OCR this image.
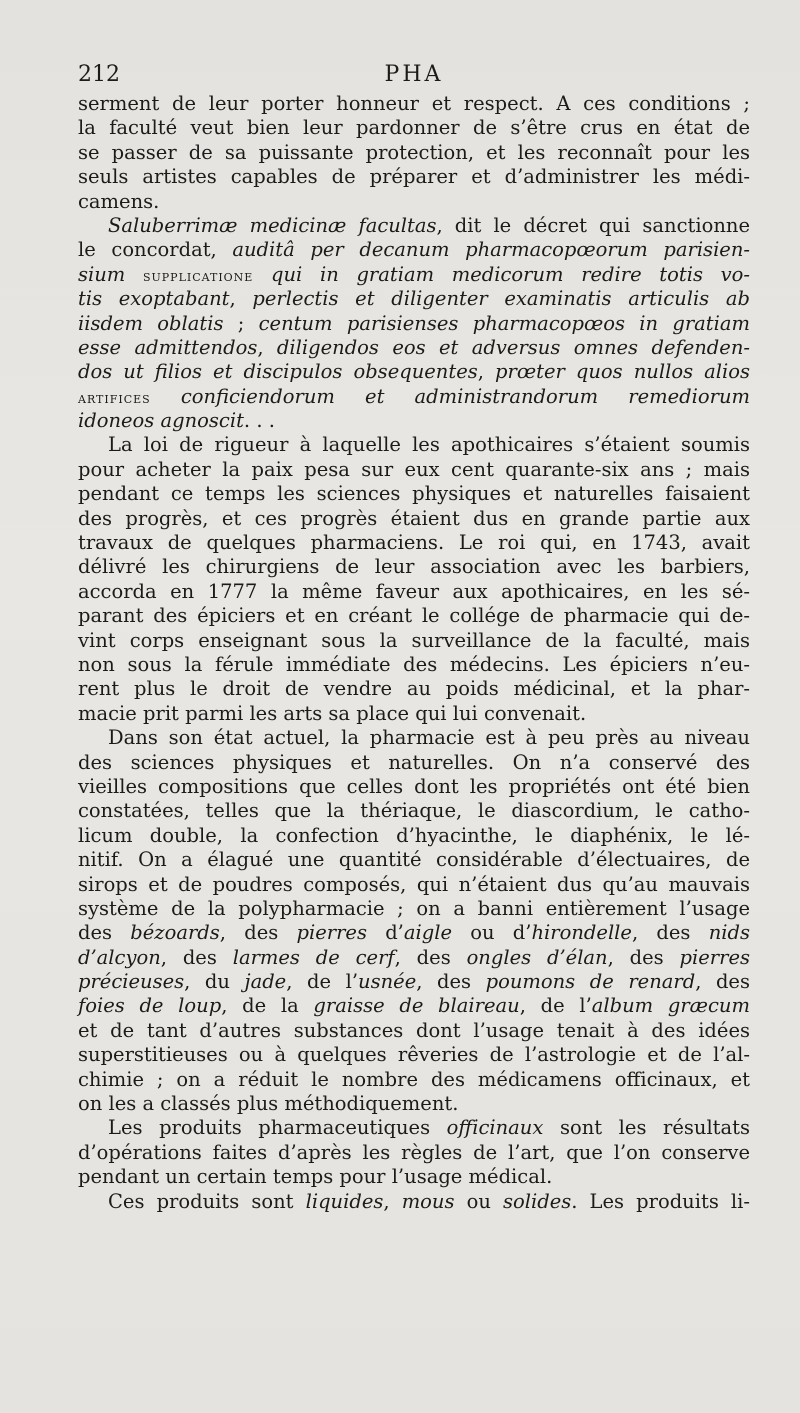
212	PHA
serment de leur porter honneur et respect. A ces conditions ;
la faculté veut bien leur pardonner de s’être crus en état de
se passer de sa puissante protection, et les reconnaît pour les
seuls artistes capables de préparer et d’administrer les médi-
camens.
Saluberrimæ medicinæ facultas, dit le décret qui sanctionne
le concordat, auditâ per decanum pharmacopœorum parisien-
sium supplicatione qui in gratiam medicorum redire totis vo-
tis exoptabant, perlectis et diligenter examinatis articulis ab
iisdem oblatis ; centum parisienses pharmacopœos in gratiam
esse admittendos, diligendos eos et adversus omnes defenden-
dos ut filios et discipulos obsequentes, prœter quos nullos alios
artifices conficiendorum et administrandorum remediorum
idoneos agnoscit. . .
La loi de rigueur à laquelle les apothicaires s’étaient soumis
pour acheter la paix pesa sur eux cent quarante-six ans ; mais
pendant ce temps les sciences physiques et naturelles faisaient
des progrès, et ces progrès étaient dus en grande partie aux
travaux de quelques pharmaciens. Le roi qui, en 1743, avait
délivré les chirurgiens de leur association avec les barbiers,
accorda en 1777 la même faveur aux apothicaires, en les sé-
parant des épiciers et en créant le collége de pharmacie qui de-
vint corps enseignant sous la surveillance de la faculté, mais
non sous la férule immédiate des médecins. Les épiciers n’eu-
rent plus le droit de vendre au poids médicinal, et la phar-
macie prit parmi les arts sa place qui lui convenait.
Dans son état actuel, la pharmacie est à peu près au niveau
des sciences physiques et naturelles. On n’a conservé des
vieilles compositions que celles dont les propriétés ont été bien
constatées, telles que la thériaque, le diascordium, le catho-
licum double, la confection d’hyacinthe, le diaphénix, le lé-
nitif. On a élagué une quantité considérable d’électuaires, de
sirops et de poudres composés, qui n’étaient dus qu’au mauvais
système de la polypharmacie ; on a banni entièrement l’usage
des bézoards, des pierres d’aigle ou d’hirondelle, des nids
d’alcyon, des larmes de cerf, des ongles d’élan, des pierres
précieuses, du jade, de l’usnée, des poumons de renard, des
foies de loup, de la graisse de blaireau, de l’album græcum
et de tant d’autres substances dont l’usage tenait à des idées
superstitieuses ou à quelques rêveries de l’astrologie et de l’al-
chimie ; on a réduit le nombre des médicamens officinaux, et
on les a classés plus méthodiquement.
Les produits pharmaceutiques officinaux sont les résultats
d’opérations faites d’après les règles de l’art, que l’on conserve
pendant un certain temps pour l’usage médical.
Ces produits sont liquides, mous ou solides. Les produits li-
